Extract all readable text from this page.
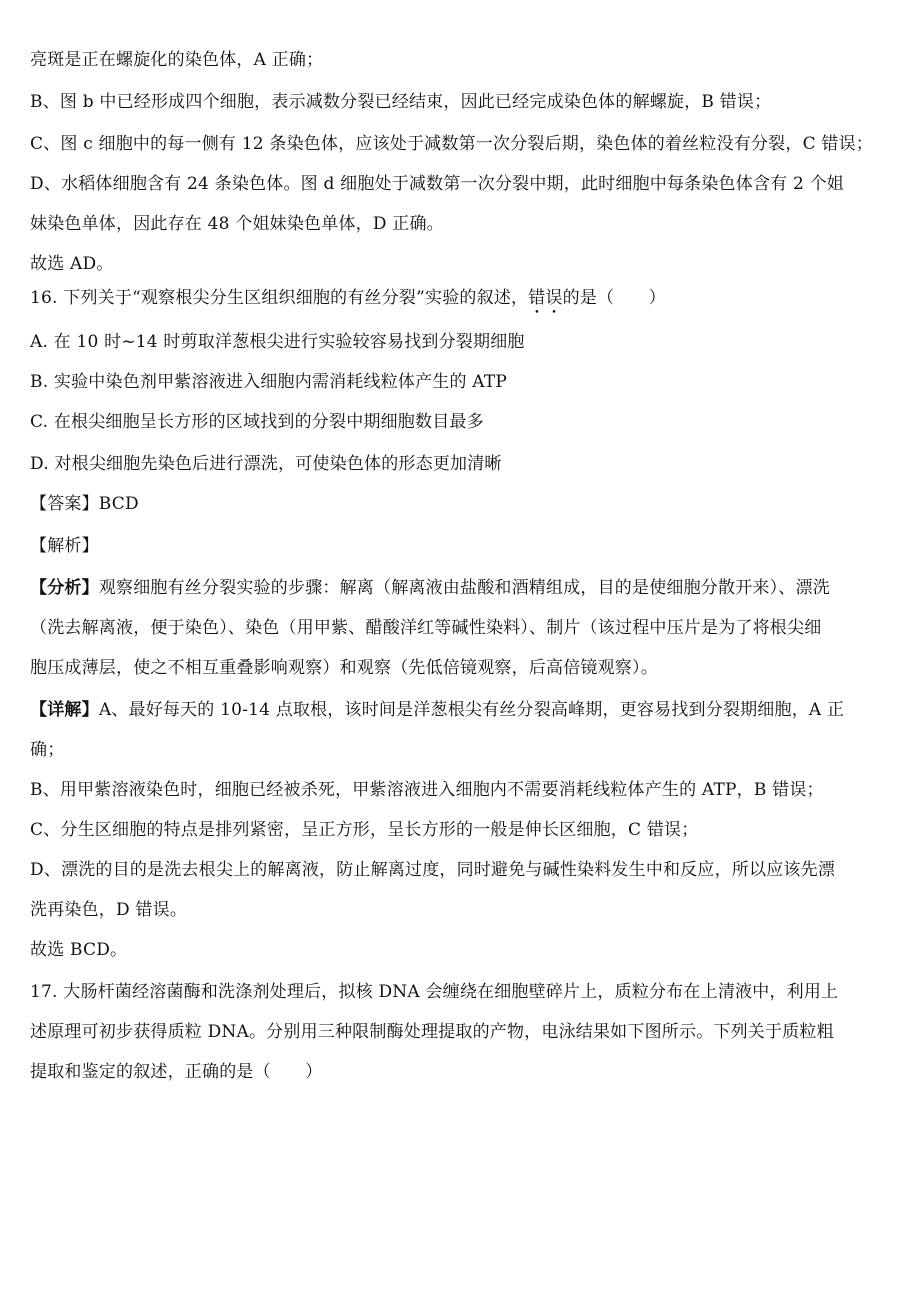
亮斑是正在螺旋化的染色体，A 正确；
B、图 b 中已经形成四个细胞，表示减数分裂已经结束，因此已经完成染色体的解螺旋，B 错误；
C、图 c 细胞中的每一侧有 12 条染色体，应该处于减数第一次分裂后期，染色体的着丝粒没有分裂，C 错误；
D、水稻体细胞含有 24 条染色体。图 d 细胞处于减数第一次分裂中期，此时细胞中每条染色体含有 2 个姐
妹染色单体，因此存在 48 个姐妹染色单体，D 正确。
故选 AD。
16. 下列关于“观察根尖分生区组织细胞的有丝分裂”实验的叙述，错误的是（　　）
A. 在 10 时~14 时剪取洋葱根尖进行实验较容易找到分裂期细胞
B. 实验中染色剂甲紫溶液进入细胞内需消耗线粒体产生的 ATP
C. 在根尖细胞呈长方形的区域找到的分裂中期细胞数目最多
D. 对根尖细胞先染色后进行漂洗，可使染色体的形态更加清晰
【答案】BCD
【解析】
【分析】观察细胞有丝分裂实验的步骤：解离（解离液由盐酸和酒精组成，目的是使细胞分散开来）、漂洗
（洗去解离液，便于染色）、染色（用甲紫、醋酸洋红等碱性染料）、制片（该过程中压片是为了将根尖细
胞压成薄层，使之不相互重叠影响观察）和观察（先低倍镜观察，后高倍镜观察）。
【详解】A、最好每天的 10-14 点取根，该时间是洋葱根尖有丝分裂高峰期，更容易找到分裂期细胞，A 正
确；
B、用甲紫溶液染色时，细胞已经被杀死，甲紫溶液进入细胞内不需要消耗线粒体产生的 ATP，B 错误；
C、分生区细胞的特点是排列紧密，呈正方形，呈长方形的一般是伸长区细胞，C 错误；
D、漂洗的目的是洗去根尖上的解离液，防止解离过度，同时避免与碱性染料发生中和反应，所以应该先漂
洗再染色，D 错误。
故选 BCD。
17. 大肠杆菌经溶菌酶和洗涤剂处理后，拟核 DNA 会缠绕在细胞壁碎片上，质粒分布在上清液中，利用上
述原理可初步获得质粒 DNA。分别用三种限制酶处理提取的产物，电泳结果如下图所示。下列关于质粒粗
提取和鉴定的叙述，正确的是（　　）
